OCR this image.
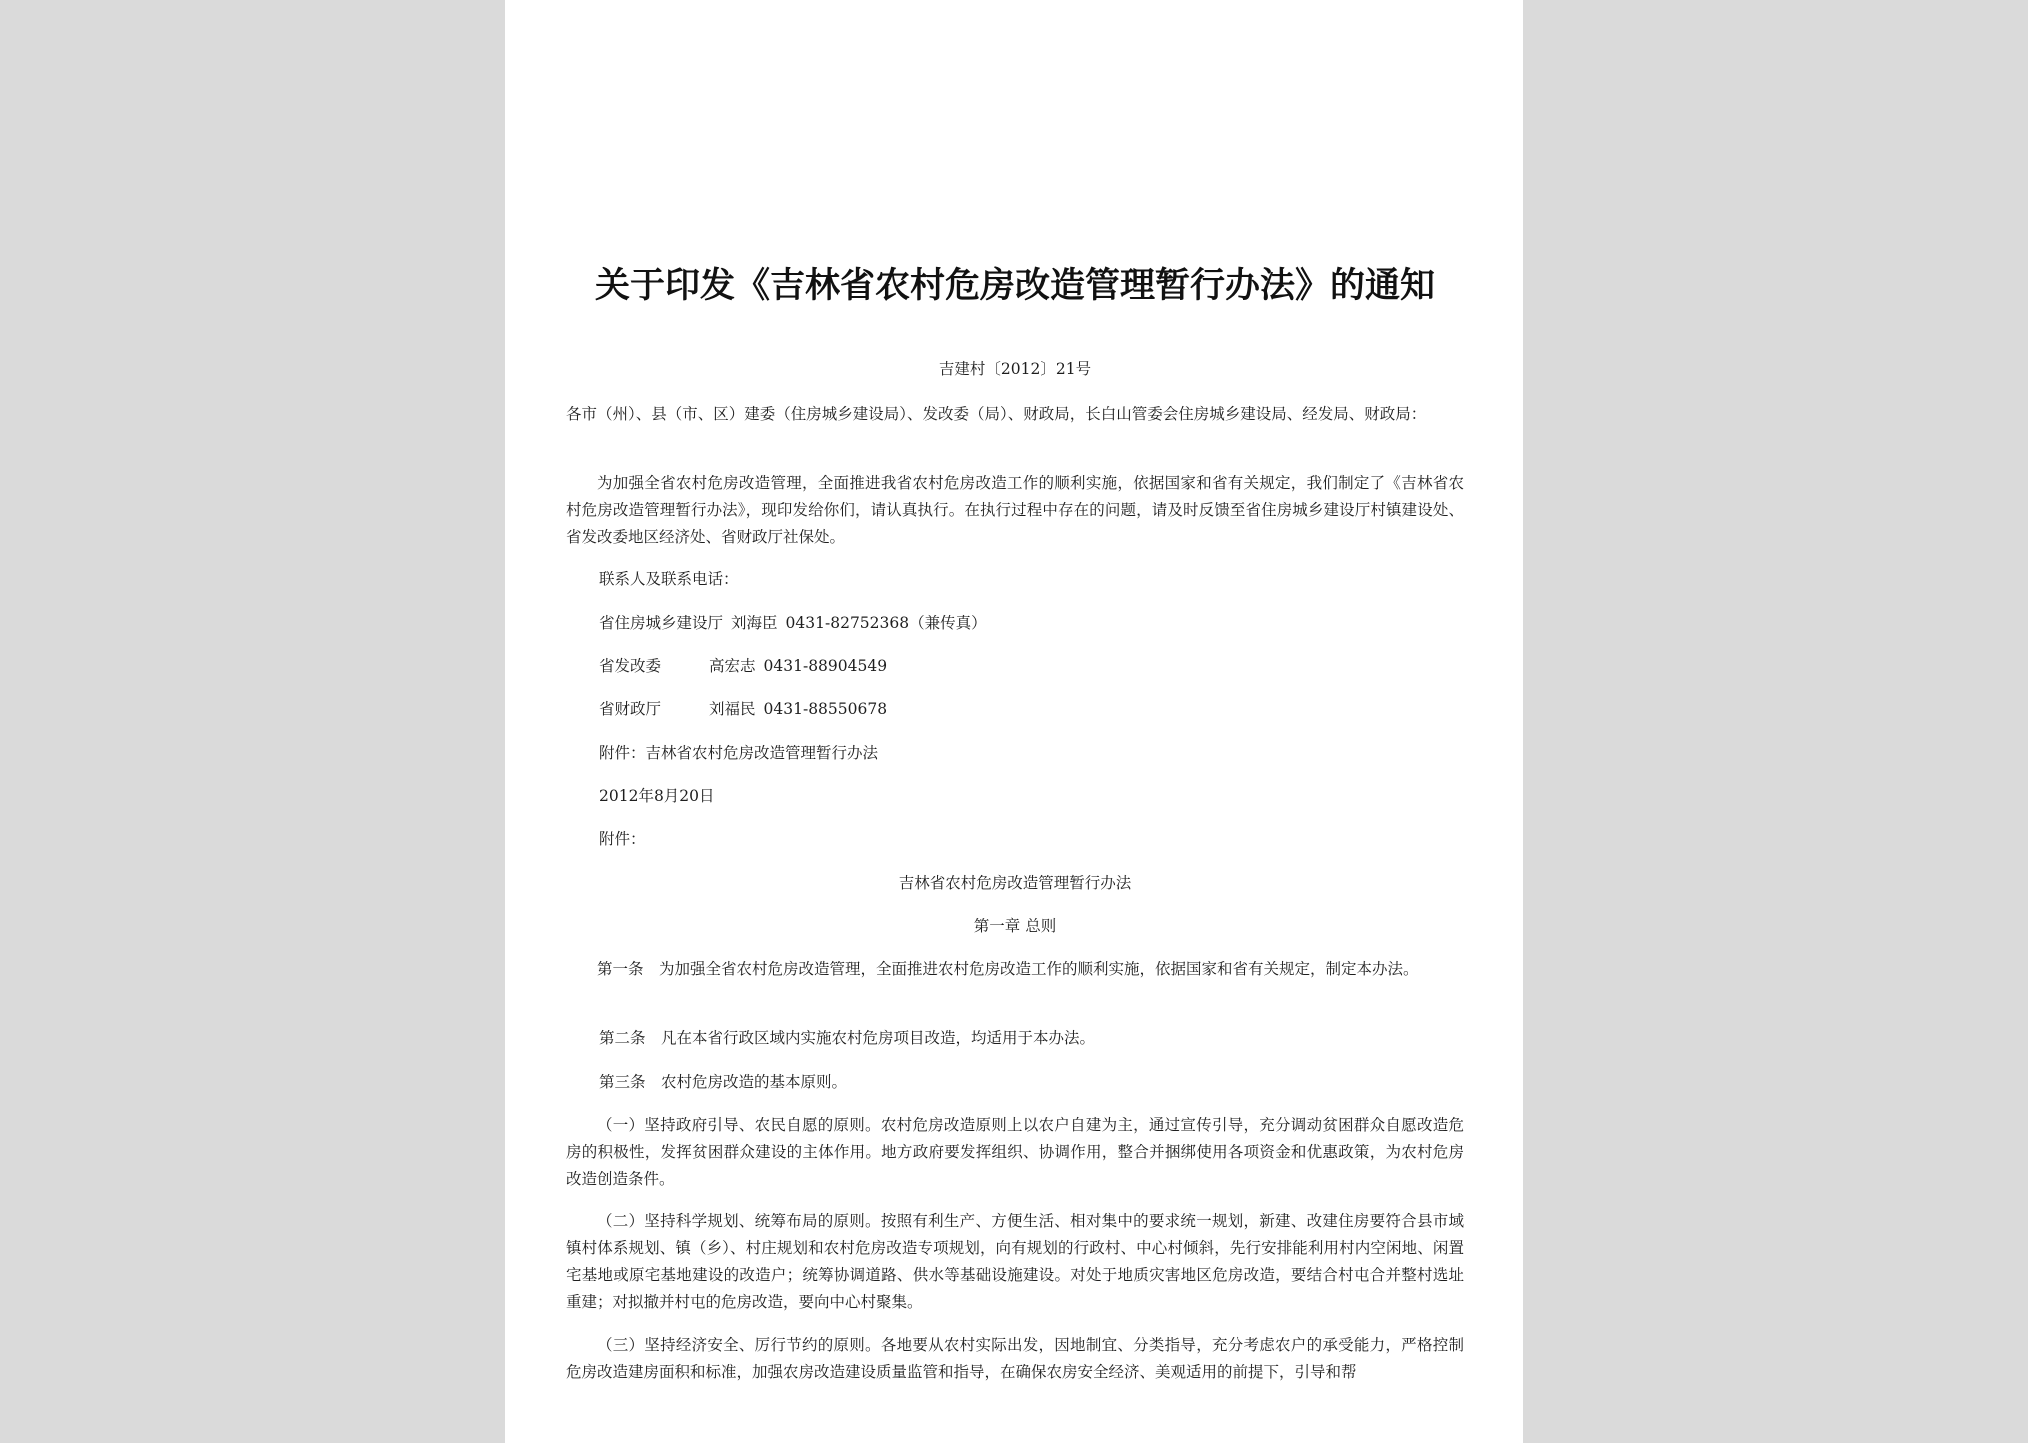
关于印发《吉林省农村危房改造管理暂行办法》的通知
吉建村〔2012〕21号
各市（州）、县（市、区）建委（住房城乡建设局）、发改委（局）、财政局，长白山管委会住房城乡建设局、经发局、财政局：
为加强全省农村危房改造管理，全面推进我省农村危房改造工作的顺利实施，依据国家和省有关规定，我们制定了《吉林省农村危房改造管理暂行办法》，现印发给你们，请认真执行。在执行过程中存在的问题，请及时反馈至省住房城乡建设厅村镇建设处、省发改委地区经济处、省财政厅社保处。
联系人及联系电话：
省住房城乡建设厅 刘海臣 0431-82752368（兼传真）
省发改委	高宏志 0431-88904549
省财政厅	刘福民 0431-88550678
附件：吉林省农村危房改造管理暂行办法
2012年8月20日
附件：
吉林省农村危房改造管理暂行办法
第一章 总则
第一条　为加强全省农村危房改造管理，全面推进农村危房改造工作的顺利实施，依据国家和省有关规定，制定本办法。
第二条　凡在本省行政区域内实施农村危房项目改造，均适用于本办法。
第三条　农村危房改造的基本原则。
（一）坚持政府引导、农民自愿的原则。农村危房改造原则上以农户自建为主，通过宣传引导，充分调动贫困群众自愿改造危房的积极性，发挥贫困群众建设的主体作用。地方政府要发挥组织、协调作用，整合并捆绑使用各项资金和优惠政策，为农村危房改造创造条件。
（二）坚持科学规划、统筹布局的原则。按照有利生产、方便生活、相对集中的要求统一规划，新建、改建住房要符合县市域镇村体系规划、镇（乡）、村庄规划和农村危房改造专项规划，向有规划的行政村、中心村倾斜，先行安排能利用村内空闲地、闲置宅基地或原宅基地建设的改造户；统筹协调道路、供水等基础设施建设。对处于地质灾害地区危房改造，要结合村屯合并整村选址重建；对拟撤并村屯的危房改造，要向中心村聚集。
（三）坚持经济安全、厉行节约的原则。各地要从农村实际出发，因地制宜、分类指导，充分考虑农户的承受能力，严格控制危房改造建房面积和标准，加强农房改造建设质量监管和指导，在确保农房安全经济、美观适用的前提下，引导和帮
